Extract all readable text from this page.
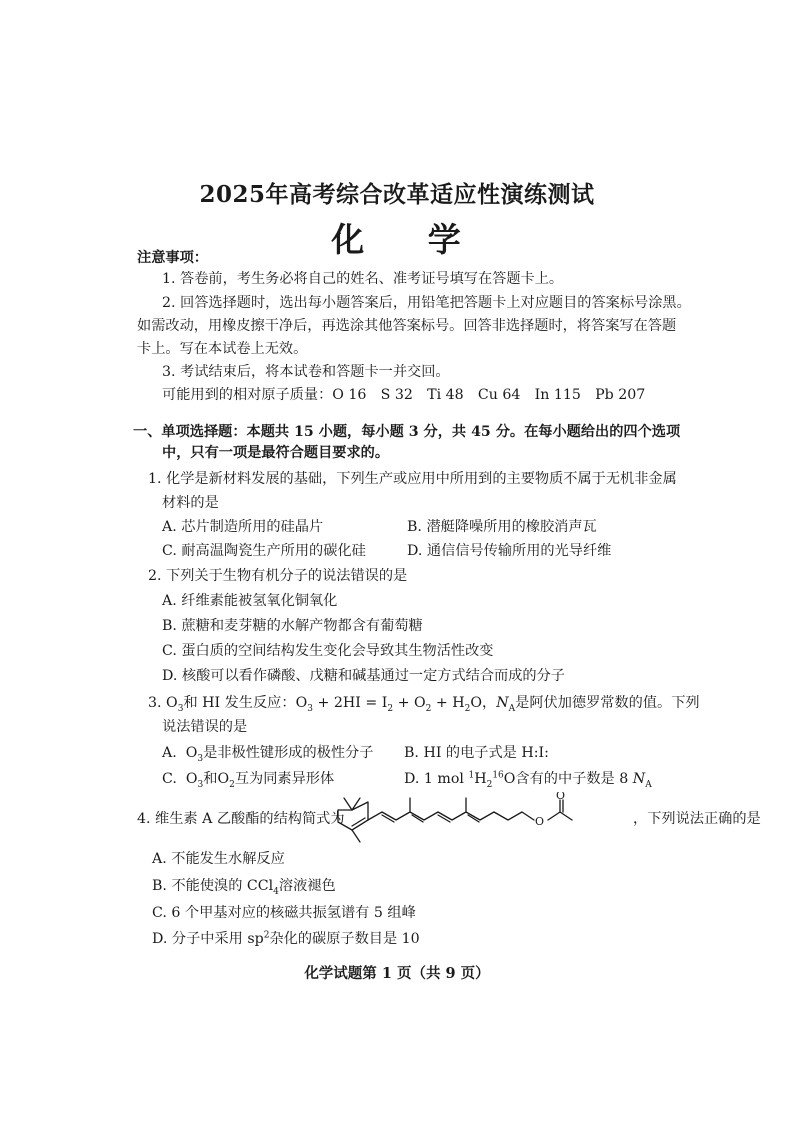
2025年高考综合改革适应性演练测试
化 学
注意事项：
1. 答卷前，考生务必将自己的姓名、准考证号填写在答题卡上。
2. 回答选择题时，选出每小题答案后，用铅笔把答题卡上对应题目的答案标号涂黑。
如需改动，用橡皮擦干净后，再选涂其他答案标号。回答非选择题时，将答案写在答题
卡上。写在本试卷上无效。
3. 考试结束后，将本试卷和答题卡一并交回。
可能用到的相对原子质量：O 16　S 32　Ti 48　Cu 64　In 115　Pb 207
一、单项选择题：本题共 15 小题，每小题 3 分，共 45 分。在每小题给出的四个选项
中，只有一项是最符合题目要求的。
1. 化学是新材料发展的基础，下列生产或应用中所用到的主要物质不属于无机非金属
材料的是
A. 芯片制造所用的硅晶片	B. 潜艇降噪所用的橡胶消声瓦
C. 耐高温陶瓷生产所用的碳化硅	D. 通信信号传输所用的光导纤维
2. 下列关于生物有机分子的说法错误的是
A. 纤维素能被氢氧化铜氧化
B. 蔗糖和麦芽糖的水解产物都含有葡萄糖
C. 蛋白质的空间结构发生变化会导致其生物活性改变
D. 核酸可以看作磷酸、戊糖和碱基通过一定方式结合而成的分子
3. $O_3$和 HI 发生反应：$O_3 + 2HI = I_2 + O_2 + H_2O$，$N_A$是阿伏加德罗常数的值。下列
说法错误的是
A.  $O_3$是非极性键形成的极性分子 B. HI 的电子式是 H:I:
C.  $O_3$和$O_2$互为同素异形体	D. 1 mol $^1H_2^{16}O$含有的中子数是 8 $N_A$
4. 维生素 A 乙酸酯的结构简式为	O
O
，下列说法正确的是
A. 不能发生水解反应
B. 不能使溴的 CCl$_4$溶液褪色
C. 6 个甲基对应的核磁共振氢谱有 5 组峰
D. 分子中采用 $sp^2$杂化的碳原子数目是 10
化学试题第 1 页（共 9 页）
